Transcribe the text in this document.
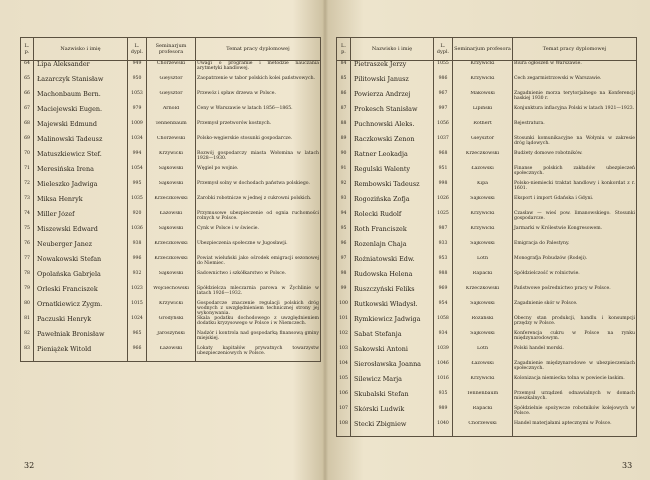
L. p.	Nazwisko i imię	L. dypl.	Seminarjum profesora	Temat pracy dyplomowej
64	Lipa Aleksander	949	Chorzewski	Uwagi o programie i metodzie nauczania arytmetyki handlowej.
65	Łazarczyk Stanisław	950	Gieysztor	Zaopatrzenie w tabor polskich kolei państwowych.
66	Machonbaum Bern.	1053	Gieysztor	Przewóz i spław drzewa w Polsce.
67	Maciejewski Eugen.	979	Arnold	Ceny w Warszawie w latach 1856—1865.
68	Majewski Edmund	1009	Tennenbaum	Przemysł przetworów kostnych.
69	Malinowski Tadeusz	1034	Chorzewski	Polsko-węgierskie stosunki gospodarcze.
70	Matuszkiewicz Stef.	994	Krzywicki	Rozwój gospodarczy miasta Wołomina w latach 1928—1930.
71	Meresińska Irena	1054	Sajkowski	Węgiel po wojnie.
72	Mieleszko Jadwiga	995	Sajkowski	Przemysł solny w dochodach państwa polskiego.
73	Miksa Henryk	1035	Krzeczkowski	Zarobki robotnicze w jednej z cukrowni polskich.
74	Miller Józef	920	Łazowski	Przymusowe ubezpieczenie od ognia ruchomości rolnych w Polsce.
75	Miszewski Edward	1036	Sajkowski	Cynk w Polsce i w świecie.
76	Neuberger Janez	938	Krzeczkowski	Ubezpieczenia społeczne w Jugosławji.
77	Nowakowski Stefan	996	Krzeczkowski	Powiat wieluński jako ośrodek emigracji sezonowej do Niemiec.
78	Opolańska Gabrjela	932	Sajkowski	Sadownictwo i szkółkarstwo w Polsce.
79	Orleski Franciszek	1023	Wojciechowski	Spółdzielcza mleczarnia parowa w Żychlinie w latach 1926—1932.
80	Ornatkiewicz Zygm.	1015	Krzywicki	Gospodarcze znaczenie regulacji polskich dróg wodnych z uwzględnieniem technicznej strony jej wykonywania.
81	Paczuski Henryk	1024	Grodyński	Skala podatku dochodowego z uwzględnieniem dodatku kryzysowego w Polsce i w Niemczech.
82	Pawełniak Bronisław	965	Jaroszyński	Nadzór i kontrola nad gospodarką finansową gminy miejskiej.
83	Pieniążek Witold	966	Łazowski	Lokaty kapitałów prywatnych towarzystw ubezpieczeniowych w Polsce.
32
L. p.	Nazwisko i imię	L. dypl.	Seminarjum profesora	Temat pracy dyplomowej
84	Pietraszek Jerzy	1055	Krzywicki	Biura ogłoszeń w Warszawie.
85	Pilitowski Janusz	986	Krzywicki	Cech zegarmistrzowski w Warszawie.
86	Powierza Andrzej	967	Makowski	Zagadnienie morza terytorjalnego na Konferencji haskiej 1930 r.
87	Prokesch Stanisław	997	Lipiński	Konjunktura inflacyjna Polski w latach 1921—1923.
88	Puchnowski Aleks.	1056	Rothert	Rejestratura.
89	Raczkowski Zenon	1037	Gieysztor	Stosunki komunikacyjne na Wołyniu w zakresie dróg lądowych.
90	Ratner Leokadja	968	Krzeczkowski	Budżety domowe robotników.
91	Regulski Walenty	951	Łazowski	Finanse polskich zakładów ubezpieczeń społecznych.
92	Rembowski Tadeusz	998	Kipa	Polsko-niemiecki traktat handlowy i konkordat z r. 1601.
93	Rogozińska Zofja	1026	Sajkowski	Eksport i import Gdańska i Gdyni.
94	Rolecki Rudolf	1025	Krzywicki	Czasław — wieś pow. limanowskiego. Stosunki gospodarcze.
95	Roth Franciszek	987	Krzywicki	Jarmarki w Królestwie Kongresowem.
96	Rozenlajn Chaja	933	Sajkowski	Emigracja do Palestyny.
97	Rożniatowski Edw.	953	Loth	Monografja Pobudzów (Rodeji).
98	Rudowska Helena	988	Rapacki	Spółdzielczość w rolnictwie.
99	Ruszczyński Feliks	969	Krzeczkowski	Państwowe pośrednictwo pracy w Polsce.
100	Rutkowski Władysł.	954	Sajkowski	Zagadnienie skór w Polsce.
101	Rymkiewicz Jadwiga	1058	Rożański	Obecny stan produkcji, handlu i konsumpcji przędzy w Polsce.
102	Sabat Stefanja	934	Sajkowski	Konferencja cukru w Polsce na rynku międzynarodowym.
103	Sakowski Antoni	1039	Loth	Polski handel morski.
104	Sierosławska Joanna	1046	Łazowski	Zagadnienie międzynarodowe w ubezpieczeniach społecznych.
105	Silewicz Marja	1016	Krzywicki	Kolonizacja niemiecka tolna w powiecie łaskim.
106	Skubalski Stefan	935	Tennenbaum	Przemysł urządzeń odnawialnych w domach mieszkalnych.
107	Skórski Ludwik	989	Rapacki	Spółdzielnie spożywcze robotników kolejowych w Polsce.
108	Stecki Zbigniew	1040	Chorzewski	Handel materjałami aptecznymi w Polsce.
33
